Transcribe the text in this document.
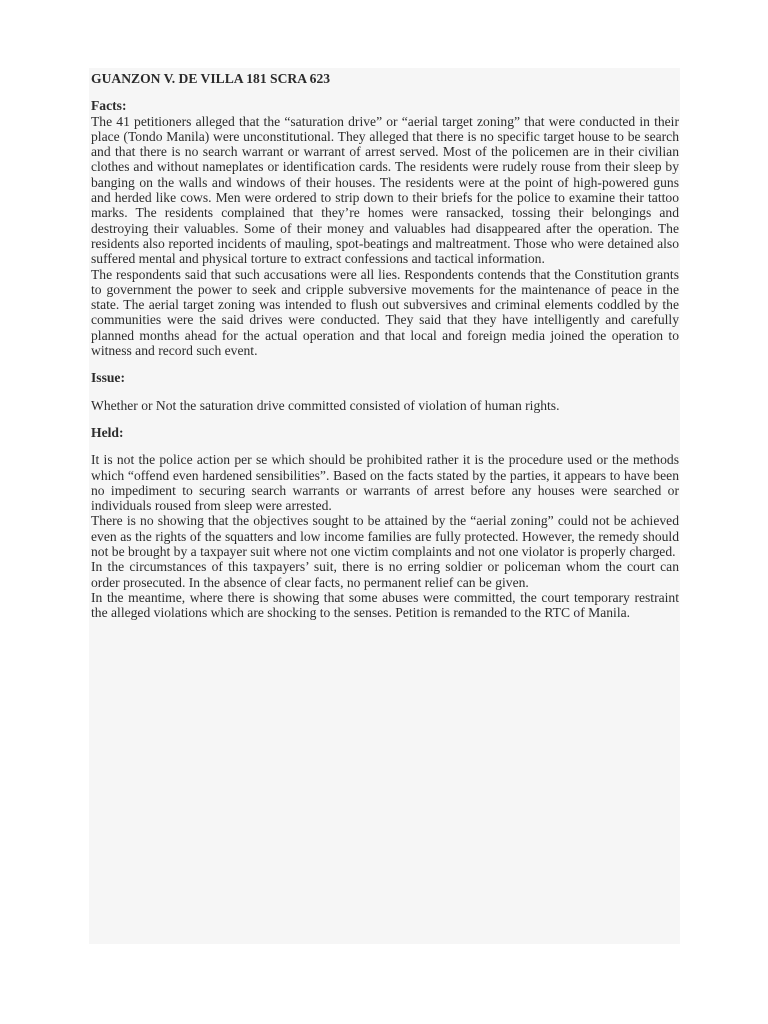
GUANZON V. DE VILLA 181 SCRA 623

Facts:

The 41 petitioners alleged that the “saturation drive” or “aerial target zoning” that were conducted in their place (Tondo Manila) were unconstitutional. They alleged that there is no specific target house to be search and that there is no search warrant or warrant of arrest served. Most of the policemen are in their civilian clothes and without nameplates or identification cards. The residents were rudely rouse from their sleep by banging on the walls and windows of their houses. The residents were at the point of high-powered guns and herded like cows. Men were ordered to strip down to their briefs for the police to examine their tattoo marks. The residents complained that they’re homes were ransacked, tossing their belongings and destroying their valuables. Some of their money and valuables had disappeared after the operation. The residents also reported incidents of mauling, spot-beatings and maltreatment. Those who were detained also suffered mental and physical torture to extract confessions and tactical information.

The respondents said that such accusations were all lies. Respondents contends that the Constitution grants to government the power to seek and cripple subversive movements for the maintenance of peace in the state. The aerial target zoning was intended to flush out subversives and criminal elements coddled by the communities were the said drives were conducted. They said that they have intelligently and carefully planned months ahead for the actual operation and that local and foreign media joined the operation to witness and record such event.

Issue:

Whether or Not the saturation drive committed consisted of violation of human rights.

Held:

It is not the police action per se which should be prohibited rather it is the procedure used or the methods which “offend even hardened sensibilities”. Based on the facts stated by the parties, it appears to have been no impediment to securing search warrants or warrants of arrest before any houses were searched or individuals roused from sleep were arrested.

There is no showing that the objectives sought to be attained by the “aerial zoning” could not be achieved even as the rights of the squatters and low income families are fully protected. However, the remedy should not be brought by a taxpayer suit where not one victim complaints and not one violator is properly charged.

In the circumstances of this taxpayers’ suit, there is no erring soldier or policeman whom the court can order prosecuted. In the absence of clear facts, no permanent relief can be given.

In the meantime, where there is showing that some abuses were committed, the court temporary restraint the alleged violations which are shocking to the senses. Petition is remanded to the RTC of Manila.
